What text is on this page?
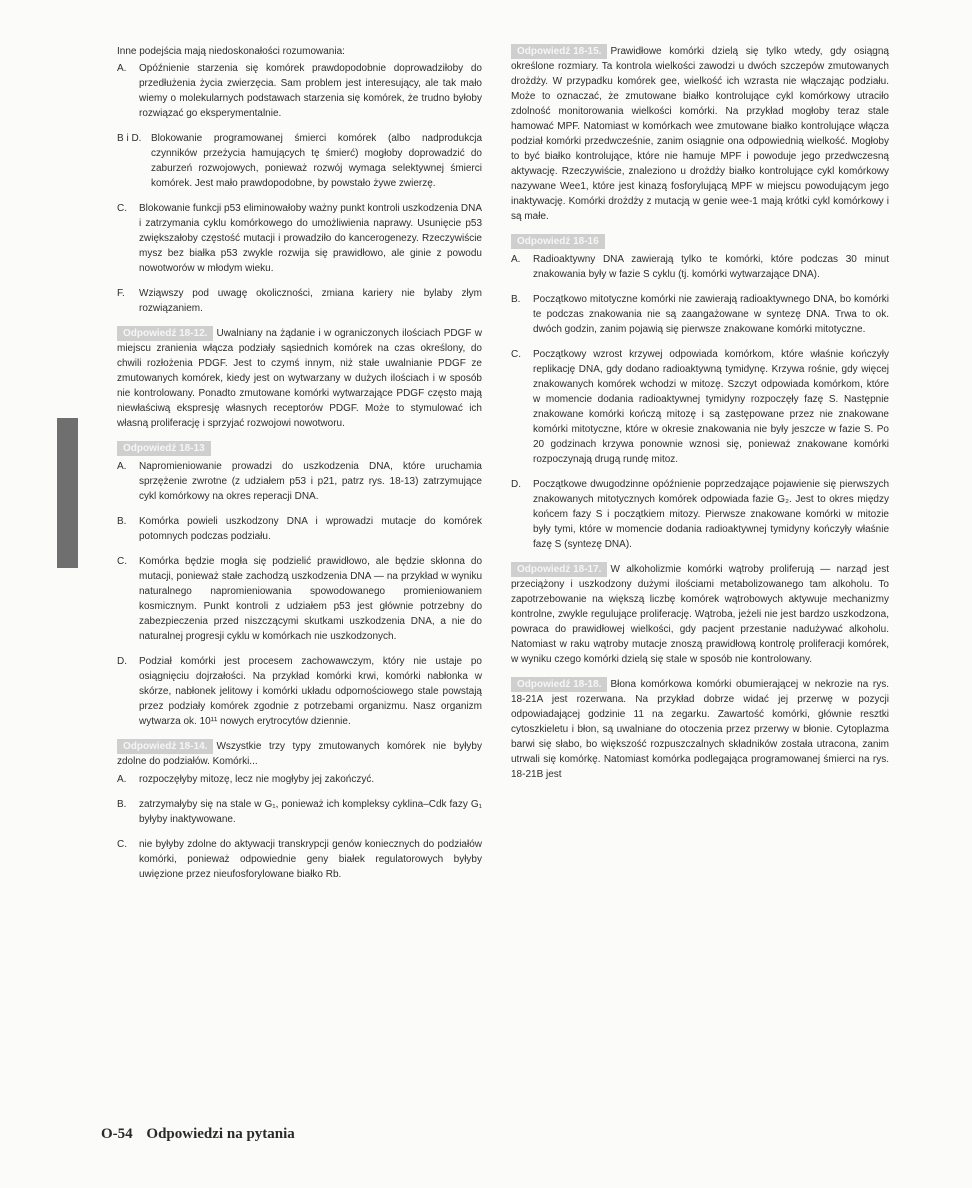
Inne podejścia mają niedoskonałości rozumowania:

A.	Opóźnienie starzenia się komórek prawdopodobnie doprowadziłoby do przedłużenia życia zwierzęcia. Sam problem jest interesujący, ale tak mało wiemy o molekularnych podstawach starzenia się komórek, że trudno byłoby rozwiązać go eksperymentalnie.
B i D. Blokowanie programowanej śmierci komórek (albo nadprodukcja czynników przeżycia hamujących tę śmierć) mogłoby doprowadzić do zaburzeń rozwojowych, ponieważ rozwój wymaga selektywnej śmierci komórek. Jest mało prawdopodobne, by powstało żywe zwierzę.
C.	Blokowanie funkcji p53 eliminowałoby ważny punkt kontroli uszkodzenia DNA i zatrzymania cyklu komórkowego do umożliwienia naprawy. Usunięcie p53 zwiększałoby częstość mutacji i prowadziło do kancerogenezy. Rzeczywiście mysz bez białka p53 zwykle rozwija się prawidłowo, ale ginie z powodu nowotworów w młodym wieku.
F.	Wziąwszy pod uwagę okoliczności, zmiana kariery nie bylaby złym rozwiązaniem.

Odpowiedź 18-12. Uwalniany na żądanie i w ograniczonych ilościach PDGF w miejscu zranienia włącza podziały sąsiednich komórek na czas określony, do chwili rozłożenia PDGF. Jest to czymś innym, niż stałe uwalnianie PDGF ze zmutowanych komórek, kiedy jest on wytwarzany w dużych ilościach i w sposób nie kontrolowany. Ponadto zmutowane komórki wytwarzające PDGF często mają niewłaściwą ekspresję własnych receptorów PDGF. Może to stymulować ich własną proliferację i sprzyjać rozwojowi nowotworu.

Odpowiedź 18-13
A.	Napromieniowanie prowadzi do uszkodzenia DNA, które uruchamia sprzężenie zwrotne (z udziałem p53 i p21, patrz rys. 18-13) zatrzymujące cykl komórkowy na okres reperacji DNA.
B.	Komórka powieli uszkodzony DNA i wprowadzi mutacje do komórek potomnych podczas podziału.
C.	Komórka będzie mogła się podzielić prawidłowo, ale będzie skłonna do mutacji, ponieważ stałe zachodzą uszkodzenia DNA — na przykład w wyniku naturalnego napromieniowania spowodowanego promieniowaniem kosmicznym. Punkt kontroli z udziałem p53 jest głównie potrzebny do zabezpieczenia przed niszczącymi skutkami uszkodzenia DNA, a nie do naturalnej progresji cyklu w komórkach nie uszkodzonych.
D.	Podział komórki jest procesem zachowawczym, który nie ustaje po osiągnięciu dojrzałości. Na przykład komórki krwi, komórki nabłonka w skórze, nabłonek jelitowy i komórki układu odpornościowego stale powstają przez podziały komórek zgodnie z potrzebami organizmu. Nasz organizm wytwarza ok. 10¹¹ nowych erytrocytów dziennie.

Odpowiedź 18-14. Wszystkie trzy typy zmutowanych komórek nie byłyby zdolne do podziałów. Komórki...

A.	rozpoczęłyby mitozę, lecz nie mogłyby jej zakończyć.
B.	zatrzymałyby się na stale w G₁, ponieważ ich kompleksy cyklina–Cdk fazy G₁ byłyby inaktywowane.
C.	nie byłyby zdolne do aktywacji transkrypcji genów koniecznych do podziałów komórki, ponieważ odpowiednie geny białek regulatorowych byłyby uwięzione przez nieufosforylowane białko Rb.

Odpowiedź 18-15. Prawidłowe komórki dzielą się tylko wtedy, gdy osiągną określone rozmiary. Ta kontrola wielkości zawodzi u dwóch szczepów zmutowanych drożdży. W przypadku komórek gee, wielkość ich wzrasta nie włączając podziału. Może to oznaczać, że zmutowane białko kontrolujące cykl komórkowy utraciło zdolność monitorowania wielkości komórki. Na przykład mogłoby teraz stale hamować MPF. Natomiast w komórkach wee zmutowane białko kontrolujące włącza podział komórki przedwcześnie, zanim osiągnie ona odpowiednią wielkość. Mogłoby to być białko kontrolujące, które nie hamuje MPF i powoduje jego przedwczesną aktywację. Rzeczywiście, znaleziono u drożdży białko kontrolujące cykl komórkowy nazywane Wee1, które jest kinazą fosforylującą MPF w miejscu powodującym jego inaktywację. Komórki drożdży z mutacją w genie wee-1 mają krótki cykl komórkowy i są małe.

Odpowiedź 18-16
A.	Radioaktywny DNA zawierają tylko te komórki, które podczas 30 minut znakowania były w fazie S cyklu (tj. komórki wytwarzające DNA).
B.	Początkowo mitotyczne komórki nie zawierają radioaktywnego DNA, bo komórki te podczas znakowania nie są zaangażowane w syntezę DNA. Trwa to ok. dwóch godzin, zanim pojawią się pierwsze znakowane komórki mitotyczne.
C.	Początkowy wzrost krzywej odpowiada komórkom, które właśnie kończyły replikację DNA, gdy dodano radioaktywną tymidynę. Krzywa rośnie, gdy więcej znakowanych komórek wchodzi w mitozę. Szczyt odpowiada komórkom, które w momencie dodania radioaktywnej tymidyny rozpoczęły fazę S. Następnie znakowane komórki kończą mitozę i są zastępowane przez nie znakowane komórki mitotyczne, które w okresie znakowania nie były jeszcze w fazie S. Po 20 godzinach krzywa ponownie wznosi się, ponieważ znakowane komórki rozpoczynają drugą rundę mitoz.
D.	Początkowe dwugodzinne opóźnienie poprzedzające pojawienie się pierwszych znakowanych mitotycznych komórek odpowiada fazie G₂. Jest to okres między końcem fazy S i początkiem mitozy. Pierwsze znakowane komórki w mitozie były tymi, które w momencie dodania radioaktywnej tymidyny kończyły właśnie fazę S (syntezę DNA).

Odpowiedź 18-17. W alkoholizmie komórki wątroby proliferują — narząd jest przeciążony i uszkodzony dużymi ilościami metabolizowanego tam alkoholu. To zapotrzebowanie na większą liczbę komórek wątrobowych aktywuje mechanizmy kontrolne, zwykle regulujące proliferację. Wątroba, jeżeli nie jest bardzo uszkodzona, powraca do prawidłowej wielkości, gdy pacjent przestanie nadużywać alkoholu. Natomiast w raku wątroby mutacje znoszą prawidłową kontrolę proliferacji komórek, w wyniku czego komórki dzielą się stale w sposób nie kontrolowany.

Odpowiedź 18-18. Błona komórkowa komórki obumierającej w nekrozie na rys. 18-21A jest rozerwana. Na przykład dobrze widać jej przerwę w pozycji odpowiadającej godzinie 11 na zegarku. Zawartość komórki, głównie resztki cytoszkieletu i błon, są uwalniane do otoczenia przez przerwy w błonie. Cytoplazma barwi się słabo, bo większość rozpuszczalnych składników została utracona, zanim utrwali się komórkę. Natomiast komórka podlegająca programowanej śmierci na rys. 18-21B jest

O-54 Odpowiedzi na pytania
